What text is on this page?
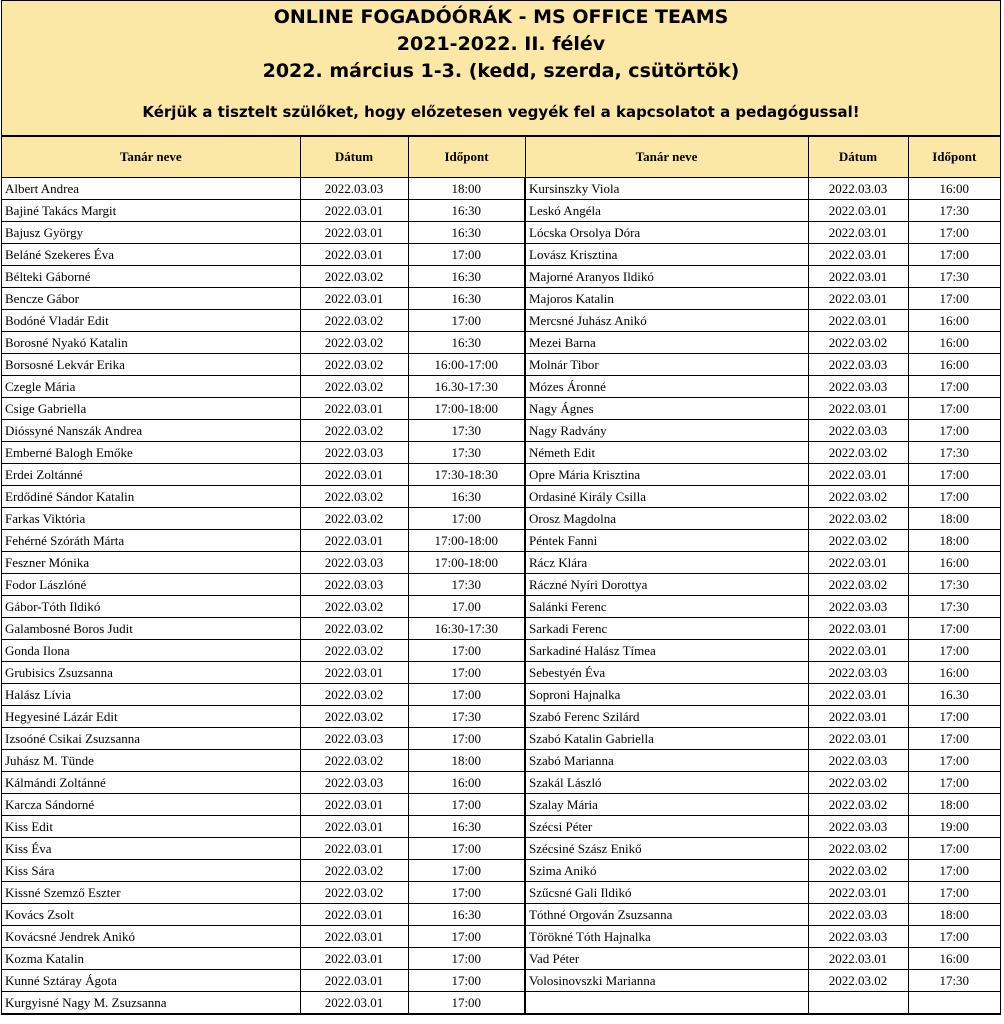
ONLINE FOGADÓÓRÁK - MS OFFICE TEAMS
2021-2022. II. félév
2022. március 1-3. (kedd, szerda, csütörtök)
Kérjük a tisztelt szülőket, hogy előzetesen vegyék fel a kapcsolatot a pedagógussal!
Tanár neve	Dátum	Időpont	Tanár neve	Dátum	Időpont
Albert Andrea	2022.03.03	18:00	Kursinszky Viola	2022.03.03	16:00
Bajiné Takács Margit	2022.03.01	16:30	Leskó Angéla	2022.03.01	17:30
Bajusz György	2022.03.01	16:30	Lócska Orsolya Dóra	2022.03.01	17:00
Beláné Szekeres Éva	2022.03.01	17:00	Lovász Krisztina	2022.03.01	17:00
Bélteki Gáborné	2022.03.02	16:30	Majorné Aranyos Ildikó	2022.03.01	17:30
Bencze Gábor	2022.03.01	16:30	Majoros Katalin	2022.03.01	17:00
Bodóné Vladár Edit	2022.03.02	17:00	Mercsné Juhász Anikó	2022.03.01	16:00
Borosné Nyakó Katalin	2022.03.02	16:30	Mezei Barna	2022.03.02	16:00
Borsosné Lekvár Erika	2022.03.02	16:00-17:00	Molnár Tibor	2022.03.03	16:00
Czegle Mária	2022.03.02	16.30-17:30	Mózes Áronné	2022.03.03	17:00
Csige Gabriella	2022.03.01	17:00-18:00	Nagy Ágnes	2022.03.01	17:00
Dióssyné Nanszák Andrea	2022.03.02	17:30	Nagy Radvány	2022.03.03	17:00
Emberné Balogh Emőke	2022.03.03	17:30	Németh Edit	2022.03.02	17:30
Erdei Zoltánné	2022.03.01	17:30-18:30	Opre Mária Krisztina	2022.03.01	17:00
Erdődiné Sándor Katalin	2022.03.02	16:30	Ordasiné Király Csilla	2022.03.02	17:00
Farkas Viktória	2022.03.02	17:00	Orosz Magdolna	2022.03.02	18:00
Fehérné Szóráth Márta	2022.03.01	17:00-18:00	Péntek Fanni	2022.03.02	18:00
Feszner Mónika	2022.03.03	17:00-18:00	Rácz Klára	2022.03.01	16:00
Fodor Lászlóné	2022.03.03	17:30	Ráczné Nyíri Dorottya	2022.03.02	17:30
Gábor-Tóth Ildikó	2022.03.02	17.00	Salánki Ferenc	2022.03.03	17:30
Galambosné Boros Judit	2022.03.02	16:30-17:30	Sarkadi Ferenc	2022.03.01	17:00
Gonda Ilona	2022.03.02	17:00	Sarkadiné Halász Tímea	2022.03.01	17:00
Grubisics Zsuzsanna	2022.03.01	17:00	Sebestyén Éva	2022.03.03	16:00
Halász Lívia	2022.03.02	17:00	Soproni Hajnalka	2022.03.01	16.30
Hegyesiné Lázár Edit	2022.03.02	17:30	Szabó Ferenc Szilárd	2022.03.01	17:00
Izsoóné Csikai Zsuzsanna	2022.03.03	17:00	Szabó Katalin Gabriella	2022.03.01	17:00
Juhász M. Tünde	2022.03.02	18:00	Szabó Marianna	2022.03.03	17:00
Kálmándi Zoltánné	2022.03.03	16:00	Szakál László	2022.03.02	17:00
Karcza Sándorné	2022.03.01	17:00	Szalay Mária	2022.03.02	18:00
Kiss Edit	2022.03.01	16:30	Szécsi Péter	2022.03.03	19:00
Kiss Éva	2022.03.01	17:00	Szécsiné Szász Enikő	2022.03.02	17:00
Kiss Sára	2022.03.02	17:00	Szima Anikó	2022.03.02	17:00
Kissné Szemző Eszter	2022.03.02	17:00	Szűcsné Gali Ildikó	2022.03.01	17:00
Kovács Zsolt	2022.03.01	16:30	Tóthné Orgován Zsuzsanna	2022.03.03	18:00
Kovácsné Jendrek Anikó	2022.03.01	17:00	Törökné Tóth Hajnalka	2022.03.03	17:00
Kozma Katalin	2022.03.01	17:00	Vad Péter	2022.03.01	16:00
Kunné Sztáray Ágota	2022.03.01	17:00	Volosinovszki Marianna	2022.03.02	17:30
Kurgyisné Nagy M. Zsuzsanna	2022.03.01	17:00			
